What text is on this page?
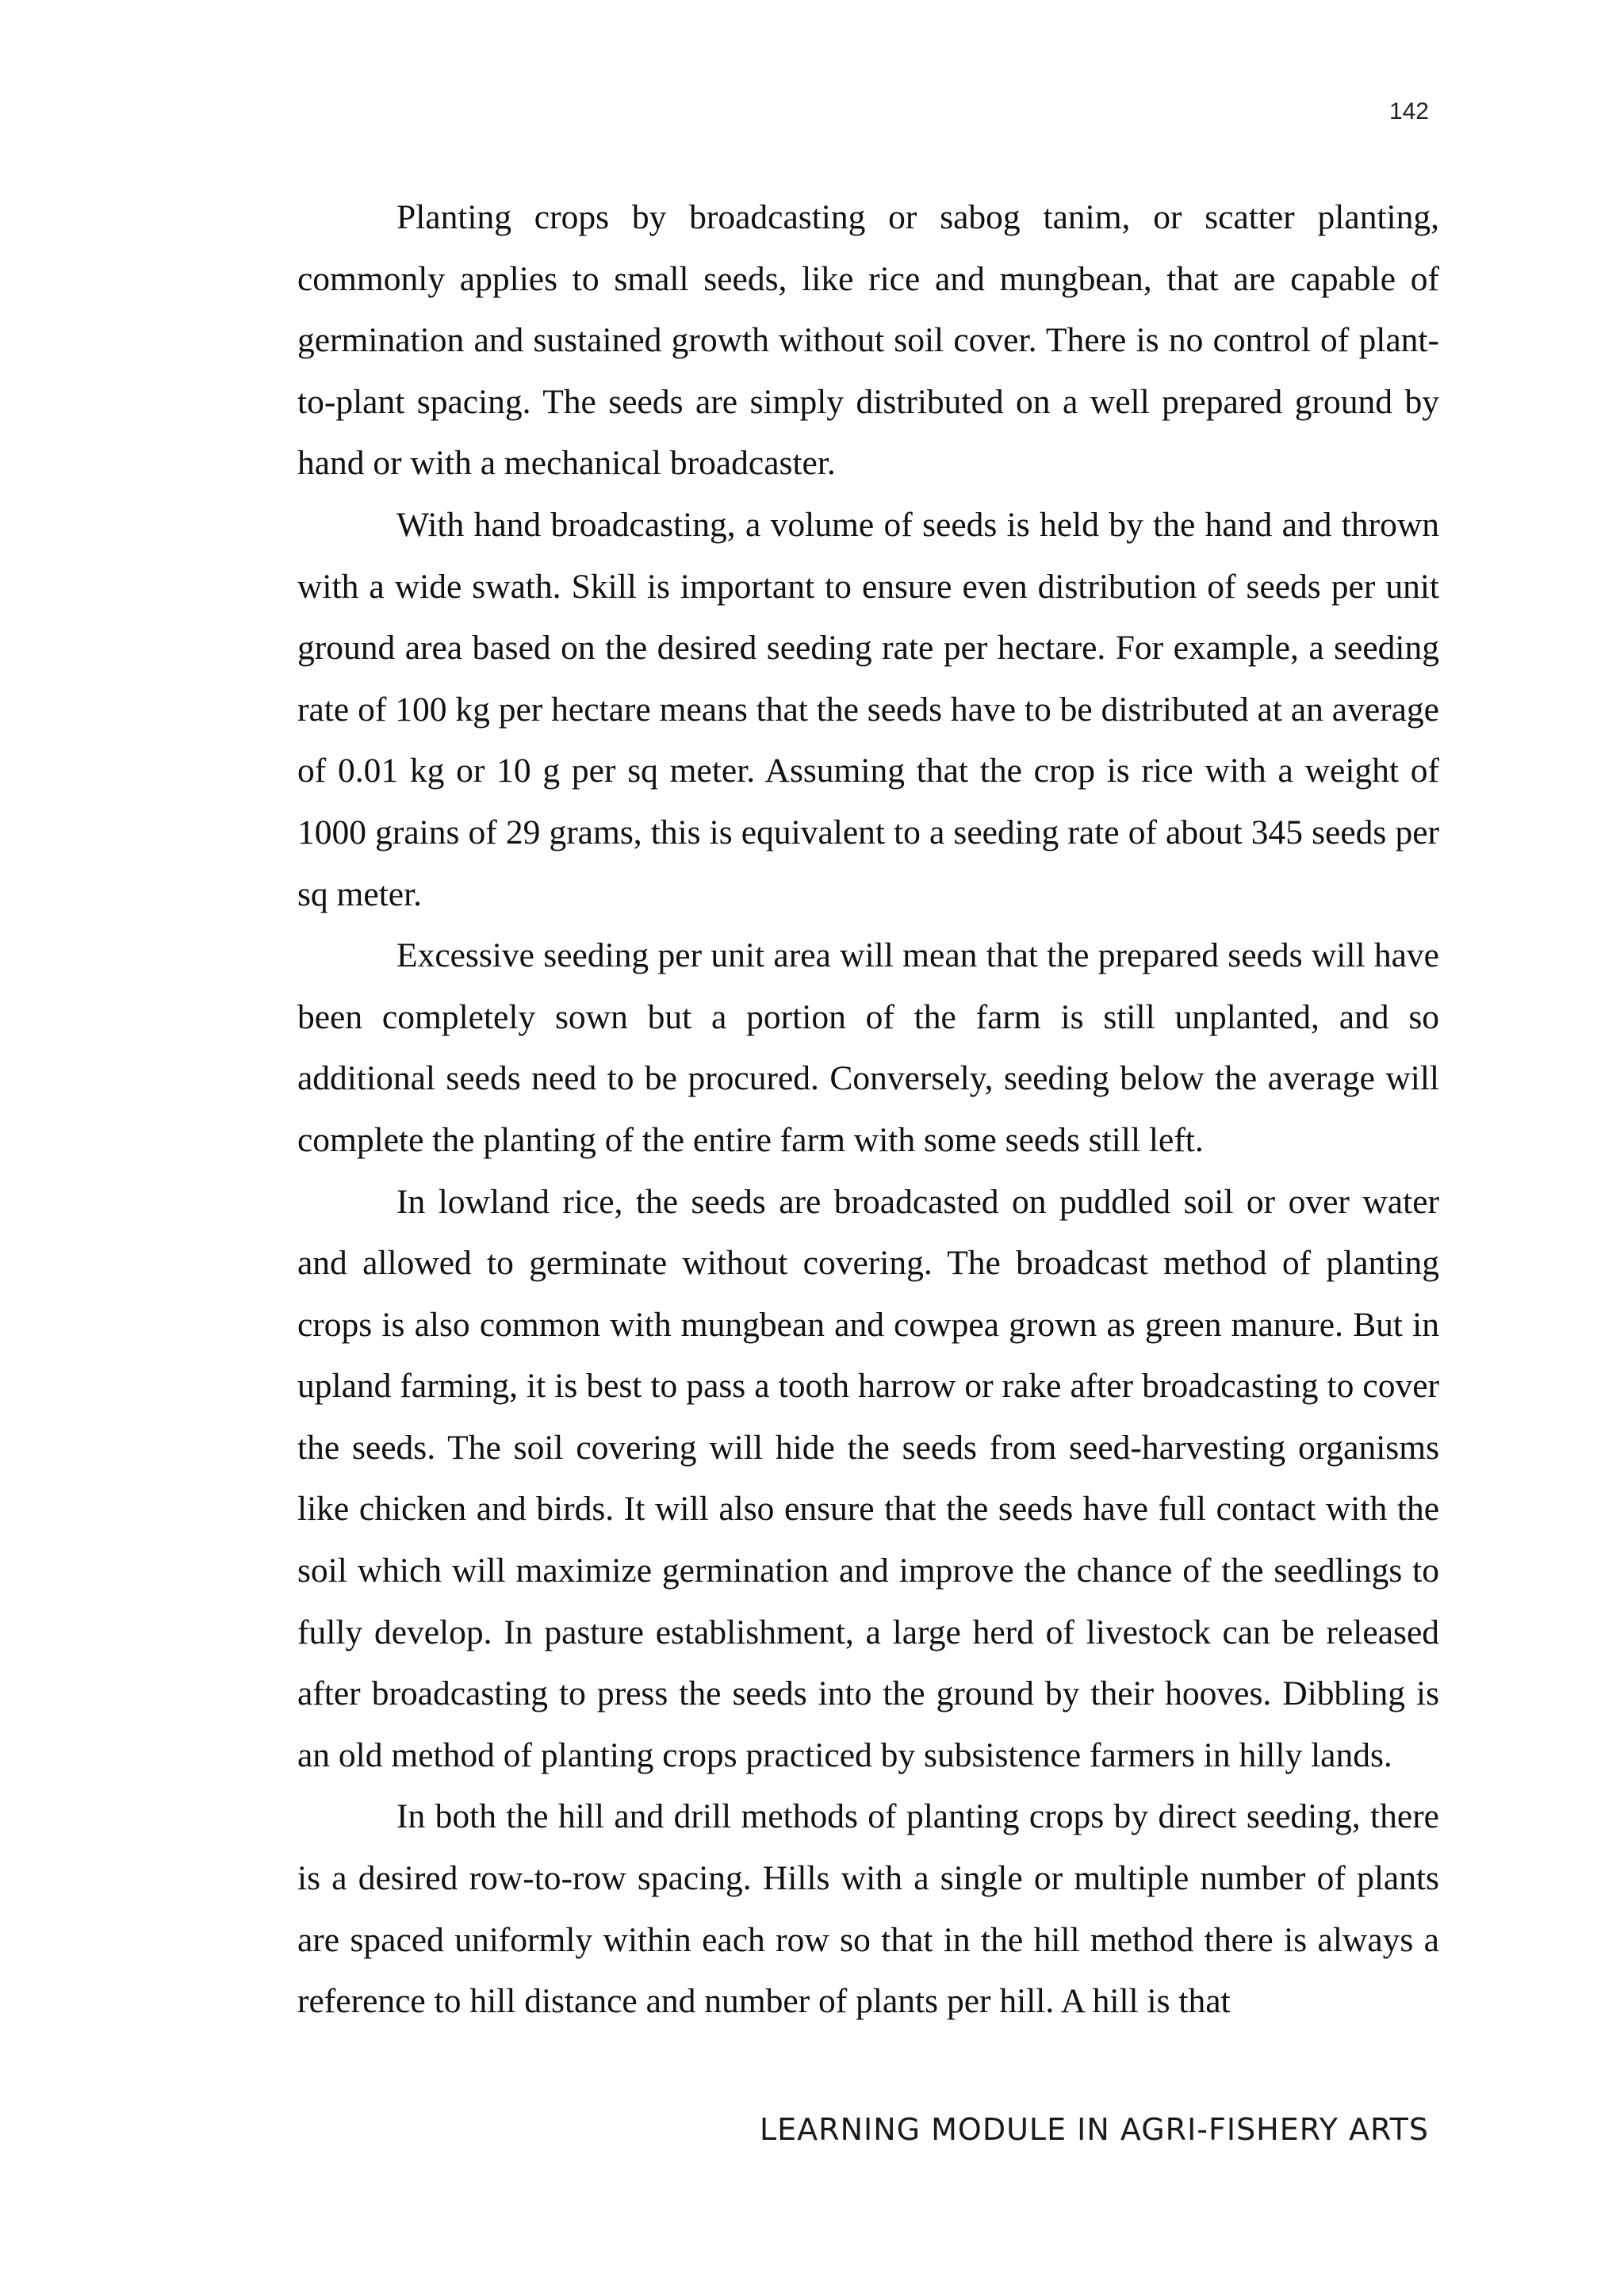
142

Planting crops by broadcasting or sabog tanim, or scatter planting, commonly applies to small seeds, like rice and mungbean, that are capable of germination and sustained growth without soil cover. There is no control of plant-to-plant spacing. The seeds are simply distributed on a well prepared ground by hand or with a mechanical broadcaster.

With hand broadcasting, a volume of seeds is held by the hand and thrown with a wide swath. Skill is important to ensure even distribution of seeds per unit ground area based on the desired seeding rate per hectare. For example, a seeding rate of 100 kg per hectare means that the seeds have to be distributed at an average of 0.01 kg or 10 g per sq meter. Assuming that the crop is rice with a weight of 1000 grains of 29 grams, this is equivalent to a seeding rate of about 345 seeds per sq meter.

Excessive seeding per unit area will mean that the prepared seeds will have been completely sown but a portion of the farm is still unplanted, and so additional seeds need to be procured. Conversely, seeding below the average will complete the planting of the entire farm with some seeds still left.

In lowland rice, the seeds are broadcasted on puddled soil or over water and allowed to germinate without covering. The broadcast method of planting crops is also common with mungbean and cowpea grown as green manure. But in upland farming, it is best to pass a tooth harrow or rake after broadcasting to cover the seeds. The soil covering will hide the seeds from seed-harvesting organisms like chicken and birds. It will also ensure that the seeds have full contact with the soil which will maximize germination and improve the chance of the seedlings to fully develop. In pasture establishment, a large herd of livestock can be released after broadcasting to press the seeds into the ground by their hooves. Dibbling is an old method of planting crops practiced by subsistence farmers in hilly lands.

In both the hill and drill methods of planting crops by direct seeding, there is a desired row-to-row spacing. Hills with a single or multiple number of plants are spaced uniformly within each row so that in the hill method there is always a reference to hill distance and number of plants per hill. A hill is that

LEARNING MODULE IN AGRI-FISHERY ARTS
